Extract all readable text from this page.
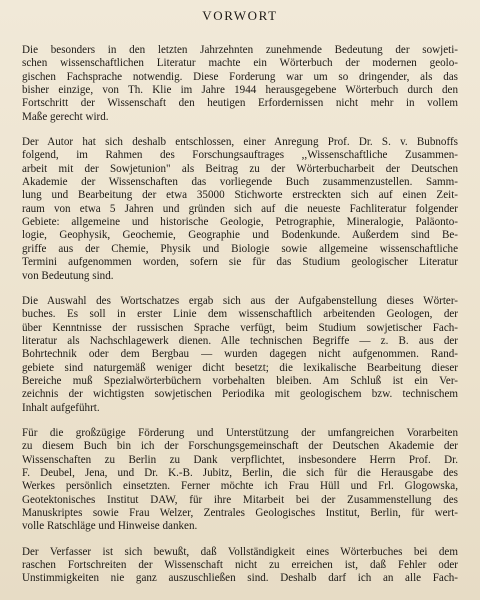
VORWORT

Die besonders in den letzten Jahrzehnten zunehmende Bedeutung der sowjeti-
schen wissenschaftlichen Literatur machte ein Wörterbuch der modernen geolo-
gischen Fachsprache notwendig. Diese Forderung war um so dringender, als das
bisher einzige, von Th. Klie im Jahre 1944 herausgegebene Wörterbuch durch den
Fortschritt der Wissenschaft den heutigen Erfordernissen nicht mehr in vollem
Maße gerecht wird.

Der Autor hat sich deshalb entschlossen, einer Anregung Prof. Dr. S. v. Bubnoffs
folgend, im Rahmen des Forschungsauftrages ,,Wissenschaftliche Zusammen-
arbeit mit der Sowjetunion" als Beitrag zu der Wörterbucharbeit der Deutschen
Akademie der Wissenschaften das vorliegende Buch zusammenzustellen. Samm-
lung und Bearbeitung der etwa 35000 Stichworte erstreckten sich auf einen Zeit-
raum von etwa 5 Jahren und gründen sich auf die neueste Fachliteratur folgender
Gebiete: allgemeine und historische Geologie, Petrographie, Mineralogie, Paläonto-
logie, Geophysik, Geochemie, Geographie und Bodenkunde. Außerdem sind Be-
griffe aus der Chemie, Physik und Biologie sowie allgemeine wissenschaftliche
Termini aufgenommen worden, sofern sie für das Studium geologischer Literatur
von Bedeutung sind.

Die Auswahl des Wortschatzes ergab sich aus der Aufgabenstellung dieses Wörter-
buches. Es soll in erster Linie dem wissenschaftlich arbeitenden Geologen, der
über Kenntnisse der russischen Sprache verfügt, beim Studium sowjetischer Fach-
literatur als Nachschlagewerk dienen. Alle technischen Begriffe — z. B. aus der
Bohrtechnik oder dem Bergbau — wurden dagegen nicht aufgenommen. Rand-
gebiete sind naturgemäß weniger dicht besetzt; die lexikalische Bearbeitung dieser
Bereiche muß Spezialwörterbüchern vorbehalten bleiben. Am Schluß ist ein Ver-
zeichnis der wichtigsten sowjetischen Periodika mit geologischem bzw. technischem
Inhalt aufgeführt.

Für die großzügige Förderung und Unterstützung der umfangreichen Vorarbeiten
zu diesem Buch bin ich der Forschungsgemeinschaft der Deutschen Akademie der
Wissenschaften zu Berlin zu Dank verpflichtet, insbesondere Herrn Prof. Dr.
F. Deubel, Jena, und Dr. K.-B. Jubitz, Berlin, die sich für die Herausgabe des
Werkes persönlich einsetzten. Ferner möchte ich Frau Hüll und Frl. Glogowska,
Geotektonisches Institut DAW, für ihre Mitarbeit bei der Zusammenstellung des
Manuskriptes sowie Frau Welzer, Zentrales Geologisches Institut, Berlin, für wert-
volle Ratschläge und Hinweise danken.

Der Verfasser ist sich bewußt, daß Vollständigkeit eines Wörterbuches bei dem
raschen Fortschreiten der Wissenschaft nicht zu erreichen ist, daß Fehler oder
Unstimmigkeiten nie ganz auszuschließen sind. Deshalb darf ich an alle Fach-
